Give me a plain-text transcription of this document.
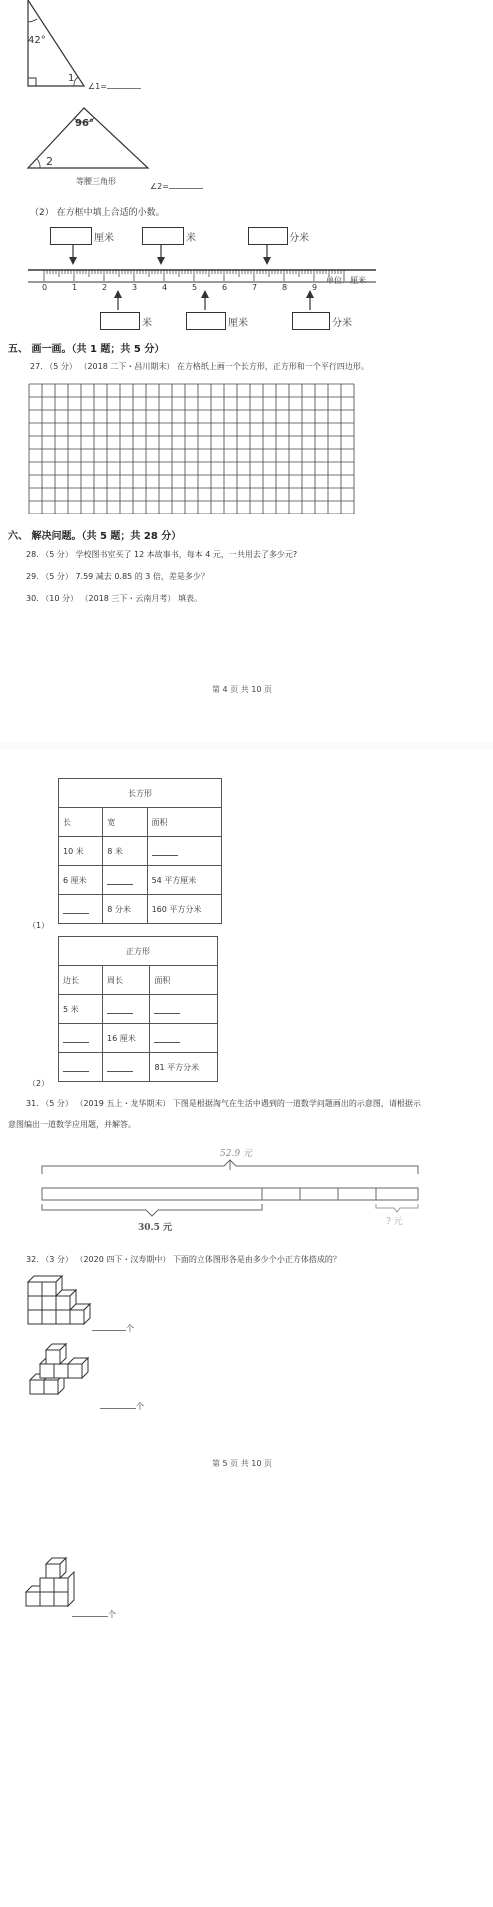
42°
1
∠1=
96°
2
等腰三角形
∠2=
（2） 在方框中填上合适的小数。
厘米	米	分米
0	1	2	3	4	5	6	7	8	9
单位：厘米
米	厘米	分米
五、 画一画。（共 1 题；共 5 分）
27. （5 分） （2018 二下・昌川期末） 在方格纸上画一个长方形，正方形和一个平行四边形。
六、 解决问题。（共 5 题；共 28 分）
28. （5 分） 学校图书室买了 12 本故事书，每本 4 元，一共用去了多少元?
29. （5 分） 7.59 减去 0.85 的 3 倍，差是多少？
30. （10 分） （2018 三下・云南月考） 填表。
第 4 页 共 10 页
长方形		
长	宽	面积
10 米	8 米	
6 厘米		54 平方厘米
	8 分米	160 平方分米
（1）
正方形		
边长	周长	面积
5 米		
	16 厘米	
		81 平方分米
（2）
31. （5 分） （2019 五上・龙华期末） 下图是根据淘气在生活中遇到的一道数学问题画出的示意图，请根据示
意图编出一道数学应用题，并解答。
52.9 元
30.5 元
? 元
32. （3 分） （2020 四下・汉寿期中） 下面的立体图形各是由多少个小正方体搭成的？
个
个
第 5 页 共 10 页
个
